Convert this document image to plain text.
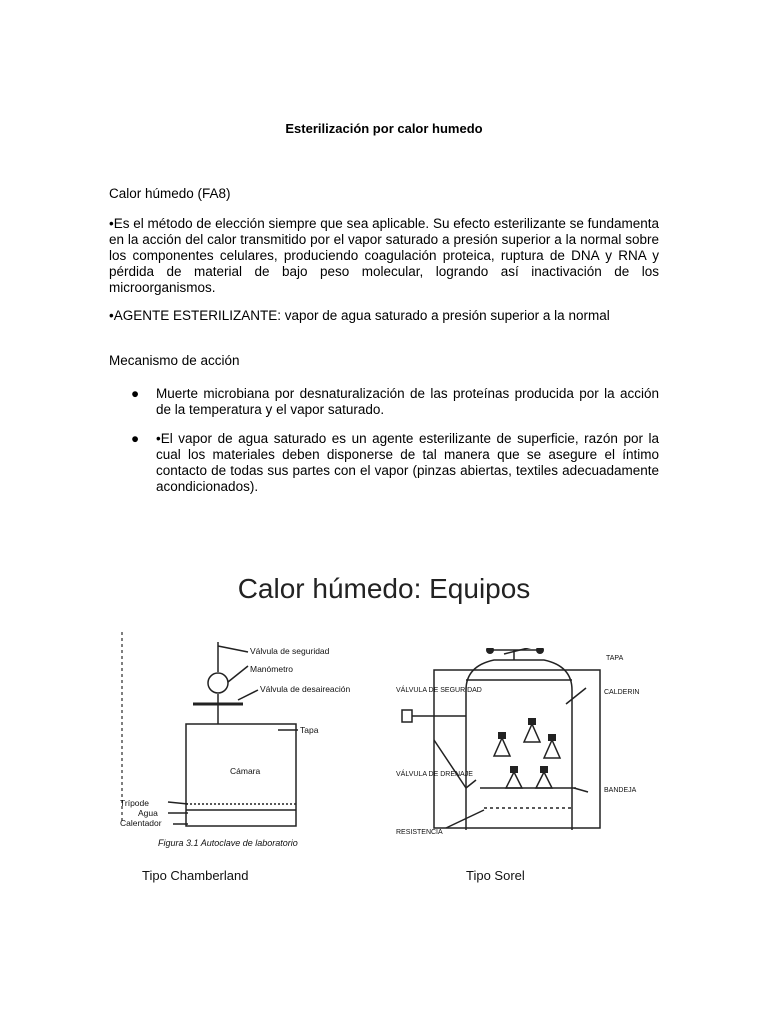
Esterilización por calor humedo
Calor húmedo (FA8)
•Es el método de elección siempre que sea aplicable. Su efecto esterilizante se fundamenta en la acción del calor transmitido por el vapor saturado a presión superior a la normal sobre los componentes celulares, produciendo coagulación proteica, ruptura de DNA y RNA y pérdida de material de bajo peso molecular, logrando así inactivación de los microorganismos.
•AGENTE ESTERILIZANTE: vapor de agua saturado a presión superior a la normal
Mecanismo de acción
● Muerte microbiana por desnaturalización de las proteínas producida por la acción de la temperatura y el vapor saturado.
● •El vapor de agua saturado es un agente esterilizante de superficie, razón por la cual los materiales deben disponerse de tal manera que se asegure el íntimo contacto de todas sus partes con el vapor (pinzas abiertas, textiles adecuadamente acondicionados).
Calor húmedo: Equipos
Válvula de seguridad
Manómetro
Válvula de desaireación
Tapa
Cámara
Trípode
Agua
Calentador
Figura 3.1 Autoclave de laboratorio
TAPA
VÁLVULA DE SEGURIDAD	CALDERIN
VÁLVULA DE DRENAJE
BANDEJA
RESISTENCIA
Tipo Chamberland	Tipo Sorel
